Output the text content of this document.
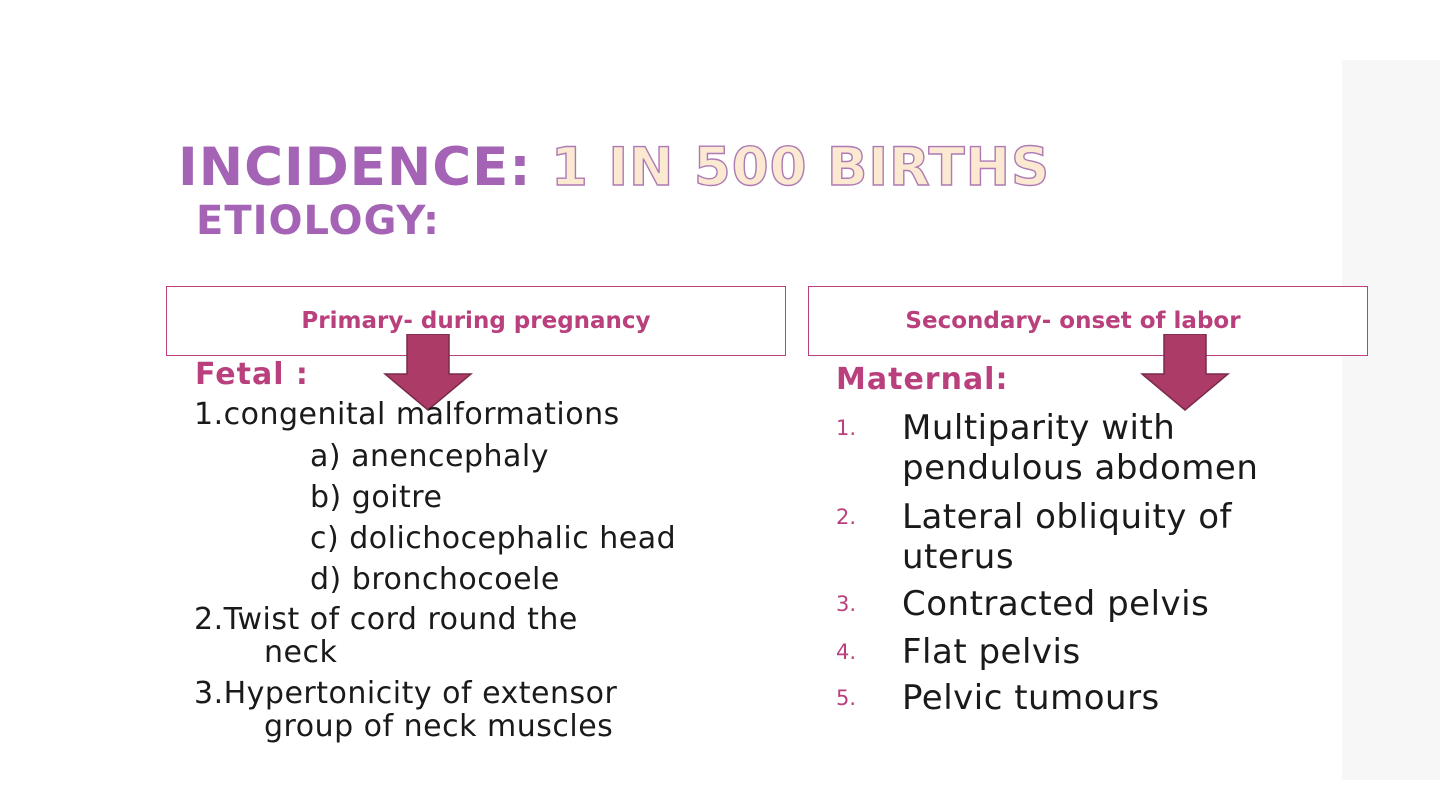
INCIDENCE: 1 IN 500 BIRTHS
ETIOLOGY:
Primary- during pregnancy	Secondary- onset of labor
Fetal :
1.congenital malformations
a) anencephaly
b) goitre
c) dolichocephalic head
d) bronchocoele
2.Twist of cord round the
neck
3.Hypertonicity of extensor
group of neck muscles
Maternal:
1. Multiparity with pendulous abdomen
2. Lateral obliquity of uterus
3. Contracted pelvis
4. Flat pelvis
5. Pelvic tumours
